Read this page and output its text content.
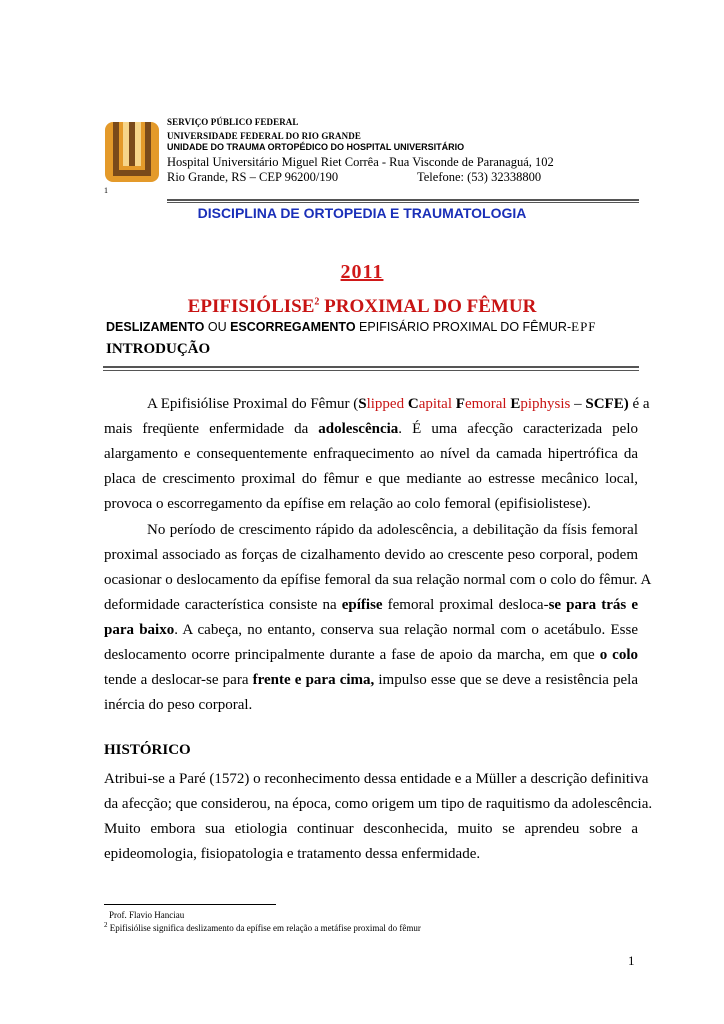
SERVIÇO PÚBLICO FEDERAL
UNIVERSIDADE FEDERAL DO RIO GRANDE
UNIDADE DO TRAUMA ORTOPÉDICO DO HOSPITAL UNIVERSITÁRIO
Hospital Universitário Miguel Riet Corrêa - Rua Visconde de Paranaguá, 102
Rio Grande, RS – CEP 96200/190	Telefone: (53) 32338800
1
DISCIPLINA DE ORTOPEDIA E TRAUMATOLOGIA
2011
EPIFISIÓLISE$^2$ PROXIMAL DO FÊMUR
DESLIZAMENTO OU ESCORREGAMENTO EPIFISÁRIO PROXIMAL DO FÊMUR-EPF
INTRODUÇÃO
A Epifisiólise Proximal do Fêmur (Slipped Capital Femoral Epiphysis – SCFE) é a
mais freqüente enfermidade da adolescência. É uma afecção caracterizada pelo
alargamento e consequentemente enfraquecimento ao nível da camada hipertrófica da
placa de crescimento proximal do fêmur e que mediante ao estresse mecânico local,
provoca o escorregamento da epífise em relação ao colo femoral (epifisiolistese).
No período de crescimento rápido da adolescência, a debilitação da físis femoral
proximal associado as forças de cizalhamento devido ao crescente peso corporal, podem
ocasionar o deslocamento da epífise femoral da sua relação normal com o colo do fêmur. A
deformidade característica consiste na epífise femoral proximal desloca-se para trás e
para baixo. A cabeça, no entanto, conserva sua relação normal com o acetábulo. Esse
deslocamento ocorre principalmente durante a fase de apoio da marcha, em que o colo
tende a deslocar-se para frente e para cima, impulso esse que se deve a resistência pela
inércia do peso corporal.
HISTÓRICO
Atribui-se a Paré (1572) o reconhecimento dessa entidade e a Müller a descrição definitiva
da afecção; que considerou, na época, como origem um tipo de raquitismo da adolescência.
Muito embora sua etiologia continuar desconhecida, muito se aprendeu sobre a
epideomologia, fisiopatologia e tratamento dessa enfermidade.
Prof. Flavio Hanciau
$^2$ Epifisiólise significa deslizamento da epífise em relação a metáfise proximal do fêmur
1
